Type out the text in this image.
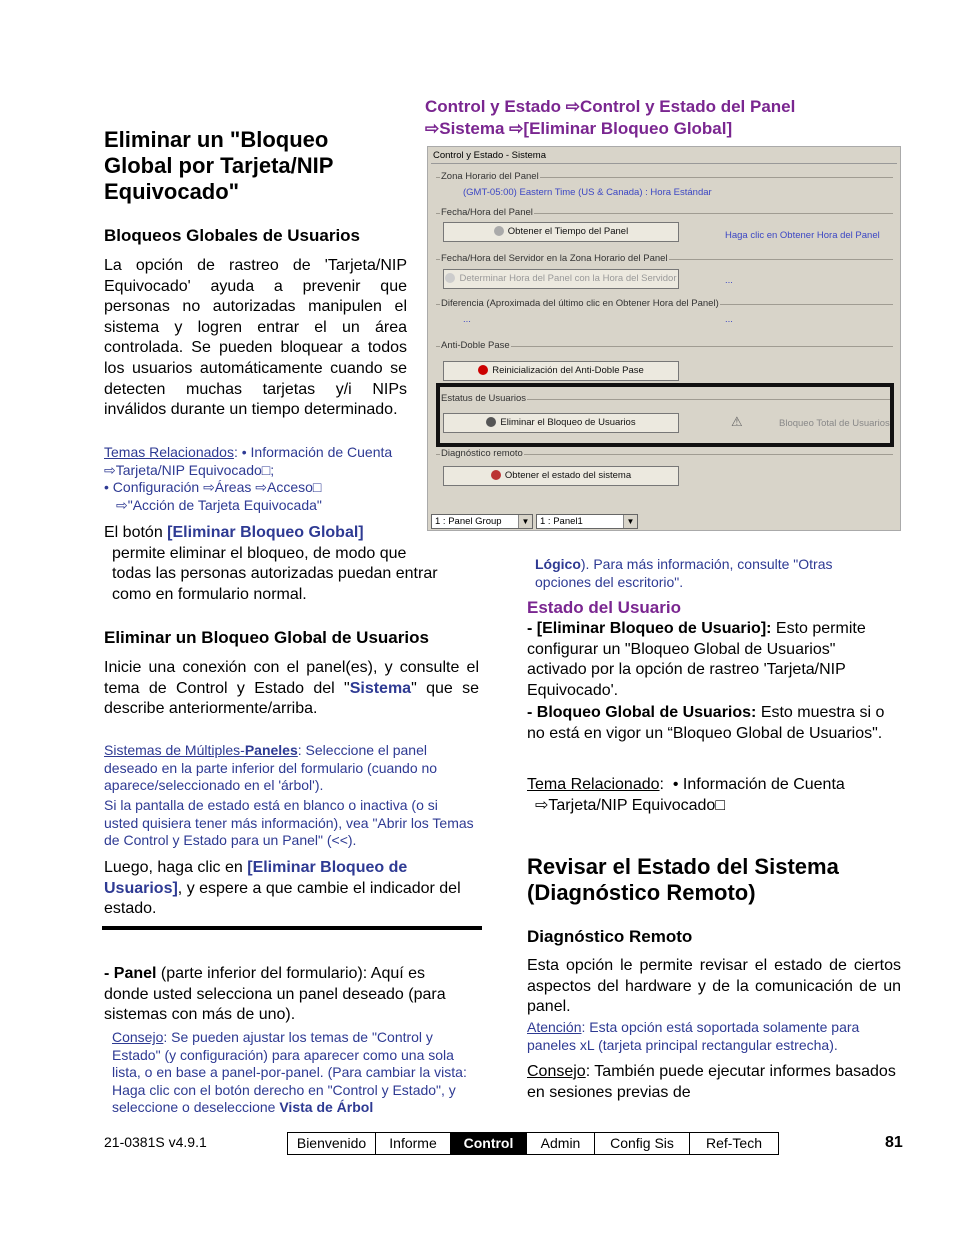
Eliminar un "Bloqueo Global por Tarjeta/NIP Equivocado"
Bloqueos Globales de Usuarios
La opción de rastreo de 'Tarjeta/NIP Equivocado' ayuda a prevenir que personas no autorizadas manipulen el sistema y logren entrar el un área controlada. Se pueden bloquear a todos los usuarios automáticamente cuando se detecten muchas tarjetas y/i NIPs inválidos durante un tiempo determinado.
Temas Relacionados: • Información de Cuenta
⇨Tarjeta/NIP Equivocado□;
• Configuración ⇨Áreas ⇨Acceso□
⇨"Acción de Tarjeta Equivocada"
El botón [Eliminar Bloqueo Global]

permite eliminar el bloqueo, de modo que todas las personas autorizadas puedan entrar como en formulario normal.
Eliminar un Bloqueo Global de Usuarios
Inicie una conexión con el panel(es), y consulte el tema de Control y Estado del "Sistema" que se describe anteriormente/arriba.
Sistemas de Múltiples-Paneles: Seleccione el panel deseado en la parte inferior del formulario (cuando no aparece/seleccionado en el 'árbol').
Si la pantalla de estado está en blanco o inactiva (o si usted quisiera tener más información), vea "Abrir los Temas de Control y Estado para un Panel" (<<).
Luego, haga clic en [Eliminar Bloqueo de Usuarios], y espere a que cambie el indicador del estado.
- Panel (parte inferior del formulario): Aquí es donde usted selecciona un panel deseado (para sistemas con más de uno).
Consejo: Se pueden ajustar los temas de "Control y Estado" (y configuración) para aparecer como una sola lista, o en base a panel-por-panel. (Para cambiar la vista: Haga clic con el botón derecho en "Control y Estado", y seleccione o deseleccione Vista de Árbol
Control y Estado ⇨Control y Estado del Panel
⇨Sistema ⇨[Eliminar Bloqueo Global]
Control y Estado - Sistema
Zona Horario del Panel
(GMT-05:00) Eastern Time (US & Canada) : Hora Estándar
Fecha/Hora del Panel
Obtener el Tiempo del Panel	Haga clic en Obtener Hora del Panel
Fecha/Hora del Servidor en la Zona Horario del Panel
Determinar Hora del Panel con la Hora del Servidor	...
Diferencia (Aproximada del último clic en Obtener Hora del Panel)
...	...
Anti-Doble Pase
Reinicialización del Anti-Doble Pase
Estatus de Usuarios
Eliminar el Bloqueo de Usuarios	⚠	Bloqueo Total de Usuarios
Diagnóstico remoto
Obtener el estado del sistema
1 : Panel Group	▼	1 : Panel1	▼
Lógico). Para más información, consulte "Otras opciones del escritorio".
Estado del Usuario
- [Eliminar Bloqueo de Usuario]: Esto permite configurar un "Bloqueo Global de Usuarios" activado por la opción de rastreo 'Tarjeta/NIP Equivocado'.
- Bloqueo Global de Usuarios: Esto muestra si o no está en vigor un “Bloqueo Global de Usuarios".
Tema Relacionado:  • Información de Cuenta
⇨Tarjeta/NIP Equivocado□
Revisar el Estado del Sistema (Diagnóstico Remoto)
Diagnóstico Remoto
Esta opción le permite revisar el estado de ciertos aspectos del hardware y de la comunicación de un panel.
Atención: Esta opción está soportada solamente para paneles xL (tarjeta principal rectangular estrecha).
Consejo: También puede ejecutar informes basados en sesiones previas de
21-0381S v4.9.1	Bienvenido	Informe	Control	Admin	Config Sis	Ref-Tech	81
